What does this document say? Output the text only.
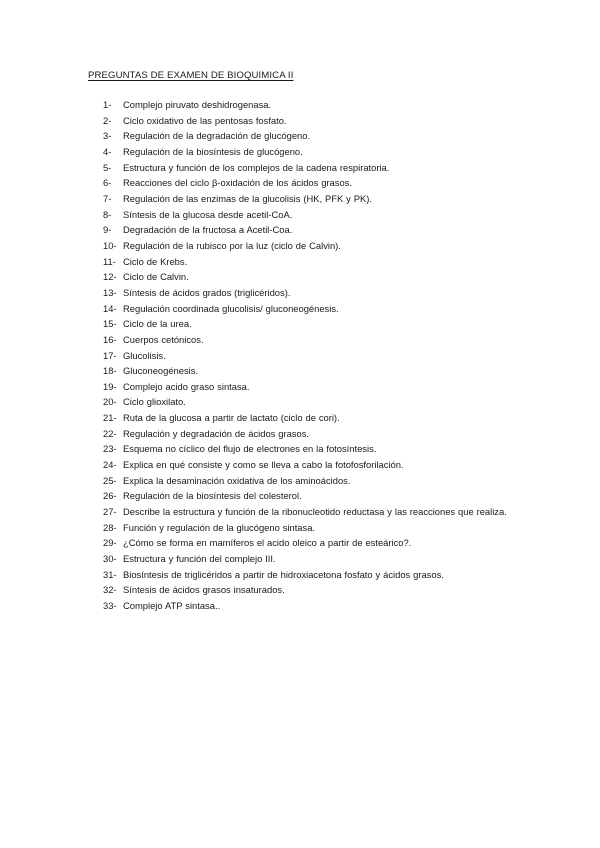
PREGUNTAS DE EXAMEN DE BIOQUIMICA II
1-	Complejo piruvato deshidrogenasa.
2-	Ciclo oxidativo de las pentosas fosfato.
3-	Regulación de la degradación de glucógeno.
4-	Regulación de la biosíntesis de glucógeno.
5-	Estructura y función de los complejos de la cadena respiratoria.
6-	Reacciones del ciclo β-oxidación de los ácidos grasos.
7-	Regulación de las enzimas de la glucolisis (HK, PFK y PK).
8-	Síntesis de la glucosa desde acetil-CoA.
9-	Degradación de la fructosa a Acetil-Coa.
10- Regulación de la rubisco por la luz (ciclo de Calvin).
11- Ciclo de Krebs.
12- Ciclo de Calvin.
13- Síntesis de ácidos grados (triglicéridos).
14- Regulación coordinada glucolisis/ gluconeogénesis.
15- Ciclo de la urea.
16- Cuerpos cetónicos.
17- Glucolisis.
18- Gluconeogénesis.
19- Complejo acido graso sintasa.
20- Ciclo glioxilato.
21- Ruta de la glucosa a partir de lactato (ciclo de cori).
22- Regulación y degradación de ácidos grasos.
23- Esquema no cíclico del flujo de electrones en la fotosíntesis.
24- Explica en qué consiste y como se lleva a cabo la fotofosforilación.
25- Explica la desaminación oxidativa de los aminoácidos.
26- Regulación de la biosíntesis del colesterol.
27- Describe la estructura y función de la ribonucleotido reductasa y las reacciones que realiza.
28- Función y regulación de la glucógeno sintasa.
29- ¿Cómo se forma en mamíferos el acido oleico a partir de esteárico?.
30- Estructura y función del complejo III.
31- Biosíntesis de triglicéridos a partir de hidroxiacetona fosfato y ácidos grasos.
32- Síntesis de ácidos grasos insaturados.
33- Complejo ATP sintasa..
